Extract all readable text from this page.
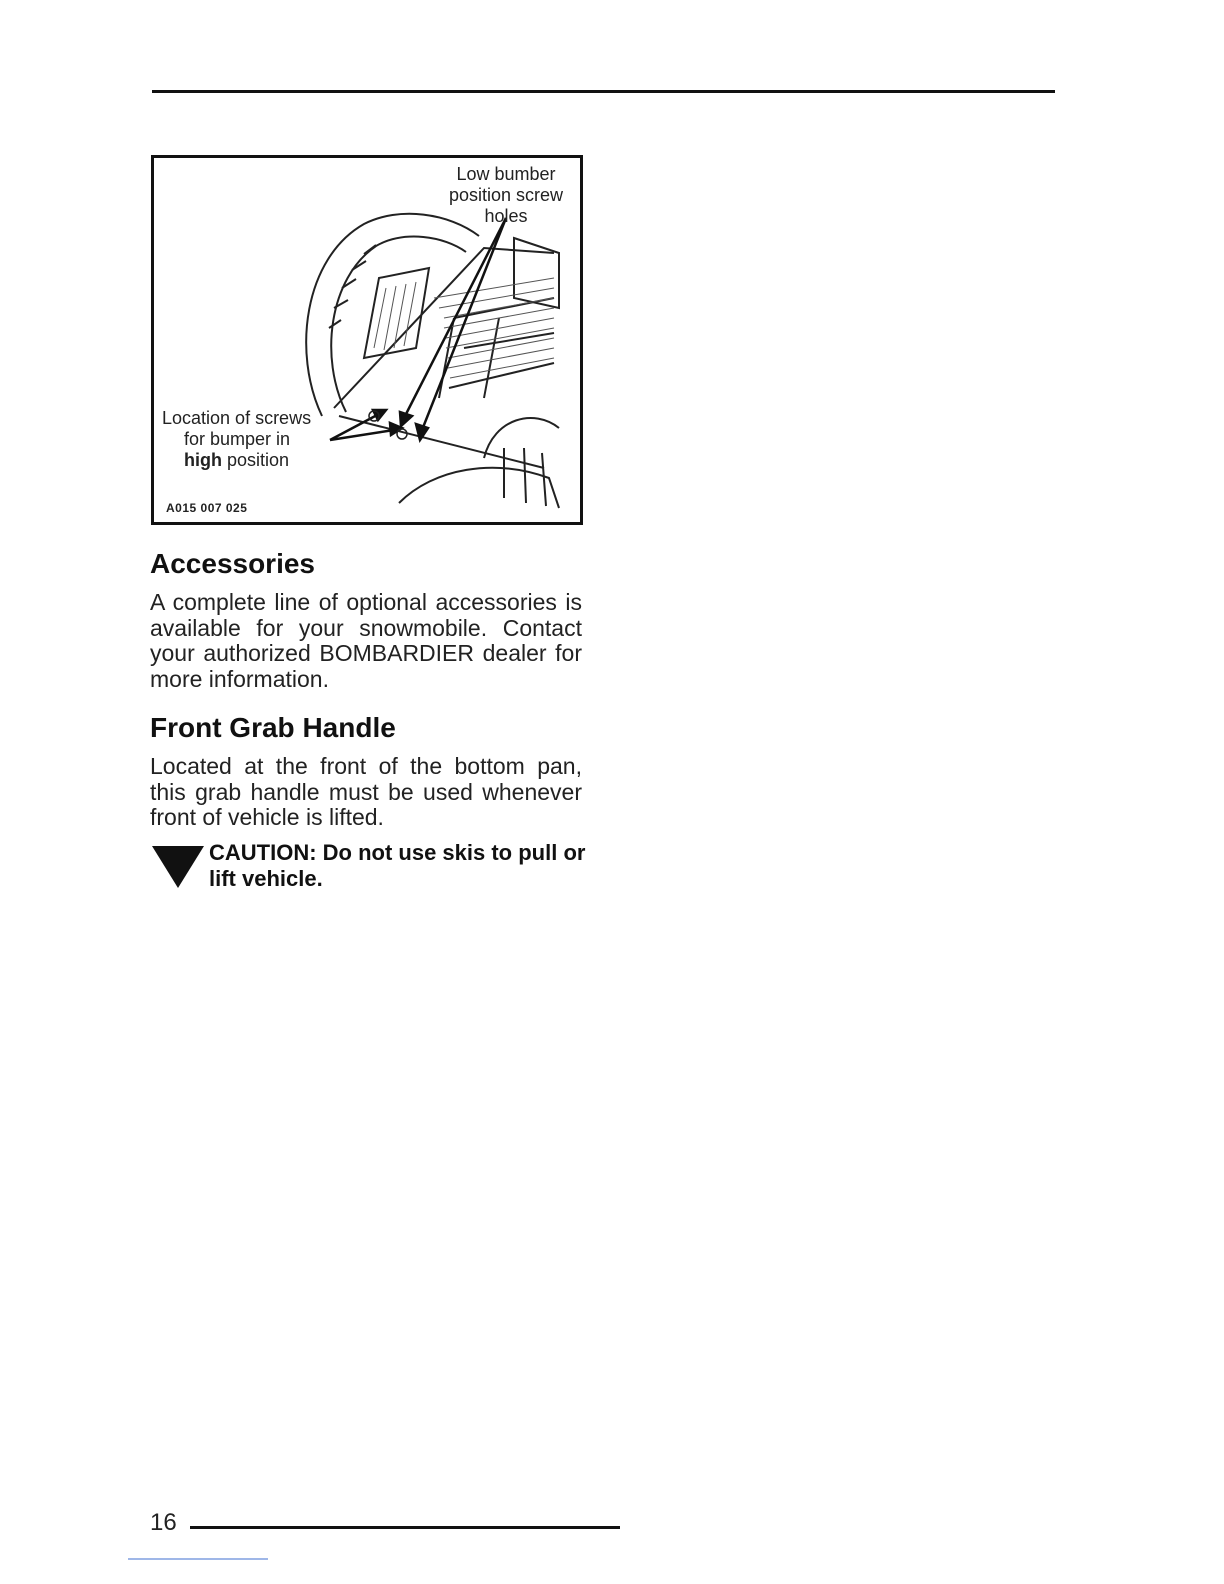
Low bumber position screw holes
Location of screws
for bumper in
high position
A015 007 025
Accessories

A complete line of optional accessories is available for your snowmobile. Contact your authorized BOMBARDIER dealer for more information.

Front Grab Handle

Located at the front of the bottom pan, this grab handle must be used whenever front of vehicle is lifted.

CAUTION: Do not use skis to pull or lift vehicle.

16
